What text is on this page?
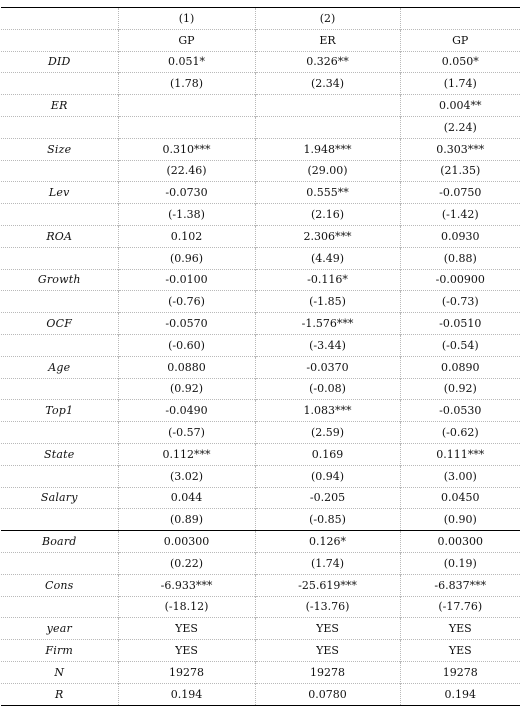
	(1)	(2)	
	GP	ER	GP
DID	0.051*	0.326**	0.050*
	(1.78)	(2.34)	(1.74)
ER			0.004**
			(2.24)
Size	0.310***	1.948***	0.303***
	(22.46)	(29.00)	(21.35)
Lev	-0.0730	0.555**	-0.0750
	(-1.38)	(2.16)	(-1.42)
ROA	0.102	2.306***	0.0930
	(0.96)	(4.49)	(0.88)
Growth	-0.0100	-0.116*	-0.00900
	(-0.76)	(-1.85)	(-0.73)
OCF	-0.0570	-1.576***	-0.0510
	(-0.60)	(-3.44)	(-0.54)
Age	0.0880	-0.0370	0.0890
	(0.92)	(-0.08)	(0.92)
Top1	-0.0490	1.083***	-0.0530
	(-0.57)	(2.59)	(-0.62)
State	0.112***	0.169	0.111***
	(3.02)	(0.94)	(3.00)
Salary	0.044	-0.205	0.0450
	(0.89)	(-0.85)	(0.90)
Board	0.00300	0.126*	0.00300
	(0.22)	(1.74)	(0.19)
Cons	-6.933***	-25.619***	-6.837***
	(-18.12)	(-13.76)	(-17.76)
year	YES	YES	YES
Firm	YES	YES	YES
N	19278	19278	19278
R	0.194	0.0780	0.194
